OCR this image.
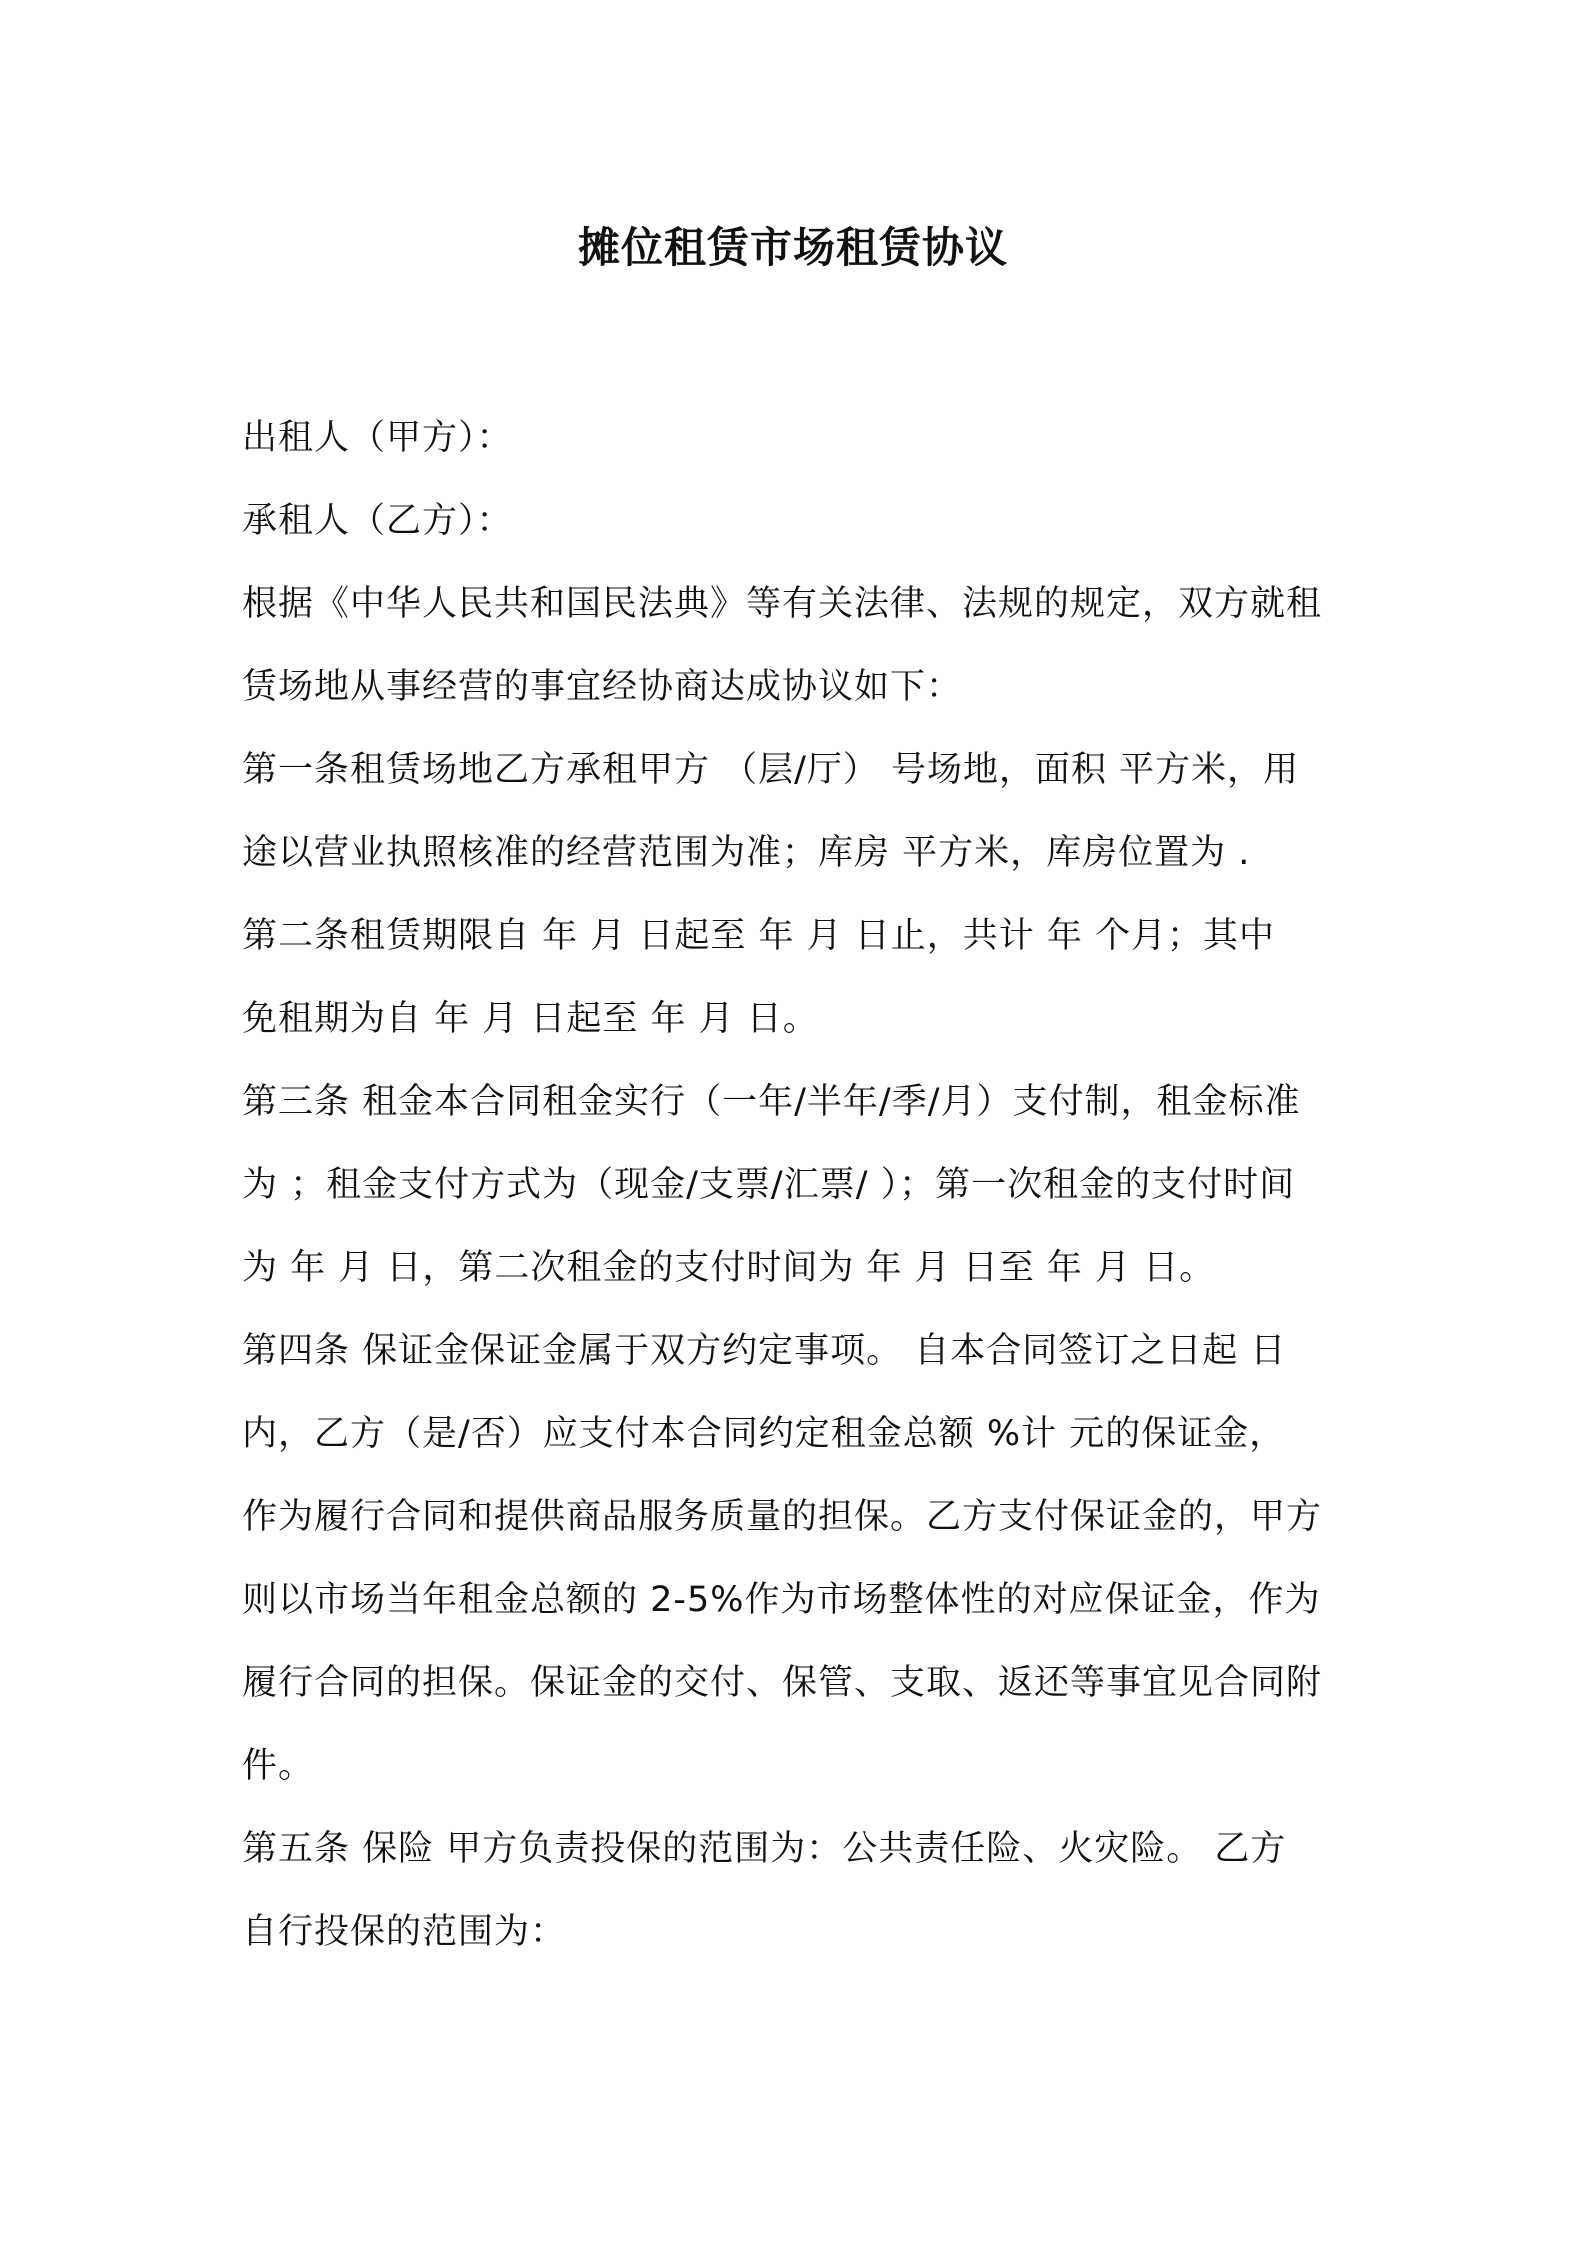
摊位租赁市场租赁协议
出租人（甲方）：
承租人（乙方）：
根据《中华人民共和国民法典》等有关法律、法规的规定，双方就租
赁场地从事经营的事宜经协商达成协议如下：
第一条租赁场地乙方承租甲方 （层/厅） 号场地，面积 平方米，用
途以营业执照核准的经营范围为准；库房 平方米，库房位置为 .
第二条租赁期限自 年 月 日起至 年 月 日止，共计 年 个月；其中
免租期为自 年 月 日起至 年 月 日。
第三条 租金本合同租金实行（一年/半年/季/月）支付制，租金标准
为 ；租金支付方式为（现金/支票/汇票/ ）；第一次租金的支付时间
为 年 月 日，第二次租金的支付时间为 年 月 日至 年 月 日。
第四条 保证金保证金属于双方约定事项。 自本合同签订之日起 日
内，乙方（是/否）应支付本合同约定租金总额 %计 元的保证金，
作为履行合同和提供商品服务质量的担保。乙方支付保证金的，甲方
则以市场当年租金总额的 2-5%作为市场整体性的对应保证金，作为
履行合同的担保。保证金的交付、保管、支取、返还等事宜见合同附
件。
第五条 保险 甲方负责投保的范围为：公共责任险、火灾险。 乙方
自行投保的范围为：
